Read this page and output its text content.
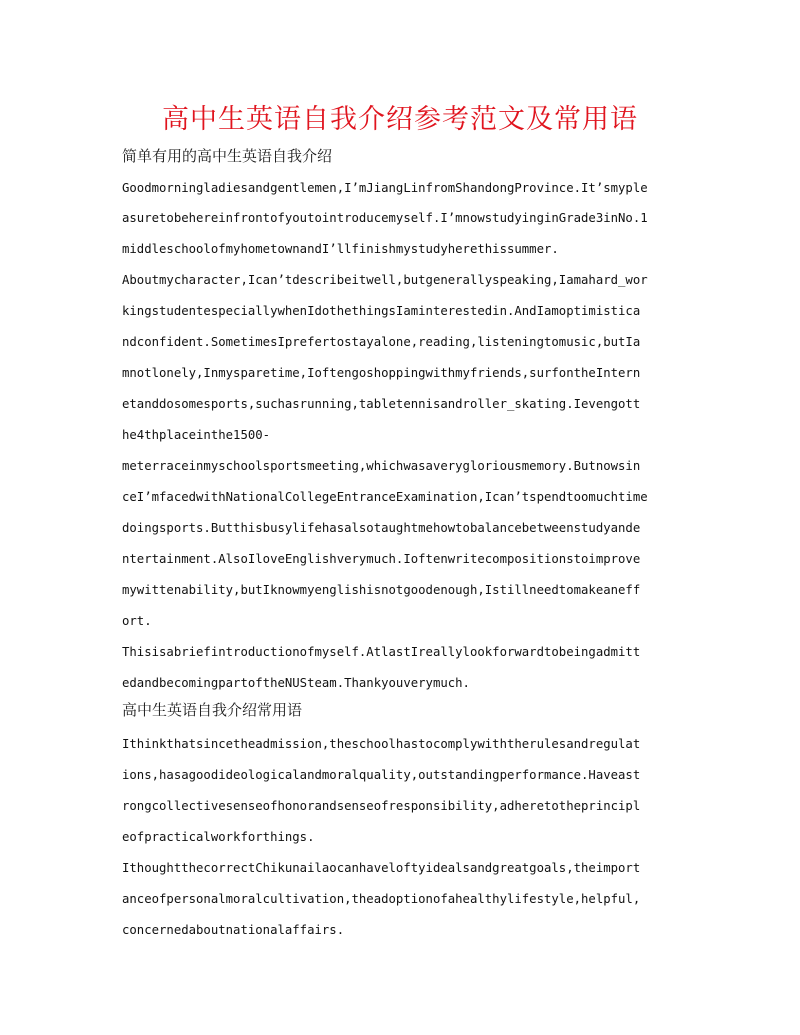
高中生英语自我介绍参考范文及常用语
简单有用的高中生英语自我介绍
Goodmorningladiesandgentlemen,I’mJiangLinfromShandongProvince.It’smyple
asuretobehereinfrontofyoutointroducemyself.I’mnowstudyinginGrade3inNo.1
middleschoolofmyhometownandI’llfinishmystudyherethissummer.
Aboutmycharacter,Ican’tdescribeitwell,butgenerallyspeaking,Iamahard_wor
kingstudentespeciallywhenIdothethingsIaminterestedin.AndIamoptimistica
ndconfident.SometimesIprefertostayalone,reading,listeningtomusic,butIa
mnotlonely,Inmysparetime,Ioftengoshoppingwithmyfriends,surfontheIntern
etanddosomesports,suchasrunning,tabletennisandroller_skating.Ievengott
he4thplaceinthe1500-
meterraceinmyschoolsportsmeeting,whichwasaverygloriousmemory.Butnowsin
ceI’mfacedwithNationalCollegeEntranceExamination,Ican’tspendtoomuchtime
doingsports.Butthisbusylifehasalsotaughtmehowtobalancebetweenstudyande
ntertainment.AlsoIloveEnglishverymuch.Ioftenwritecompositionstoimprove
mywittenability,butIknowmyenglishisnotgoodenough,Istillneedtomakeaneff
ort.
Thisisabriefintroductionofmyself.AtlastIreallylookforwardtobeingadmitt
edandbecomingpartoftheNUSteam.Thankyouverymuch.
高中生英语自我介绍常用语
Ithinkthatsincetheadmission,theschoolhastocomplywiththerulesandregulat
ions,hasagoodideologicalandmoralquality,outstandingperformance.Haveast
rongcollectivesenseofhonorandsenseofresponsibility,adheretotheprincipl
eofpracticalworkforthings.
IthoughtthecorrectChikunailaocanhaveloftyidealsandgreatgoals,theimport
anceofpersonalmoralcultivation,theadoptionofahealthylifestyle,helpful,
concernedaboutnationalaffairs.
